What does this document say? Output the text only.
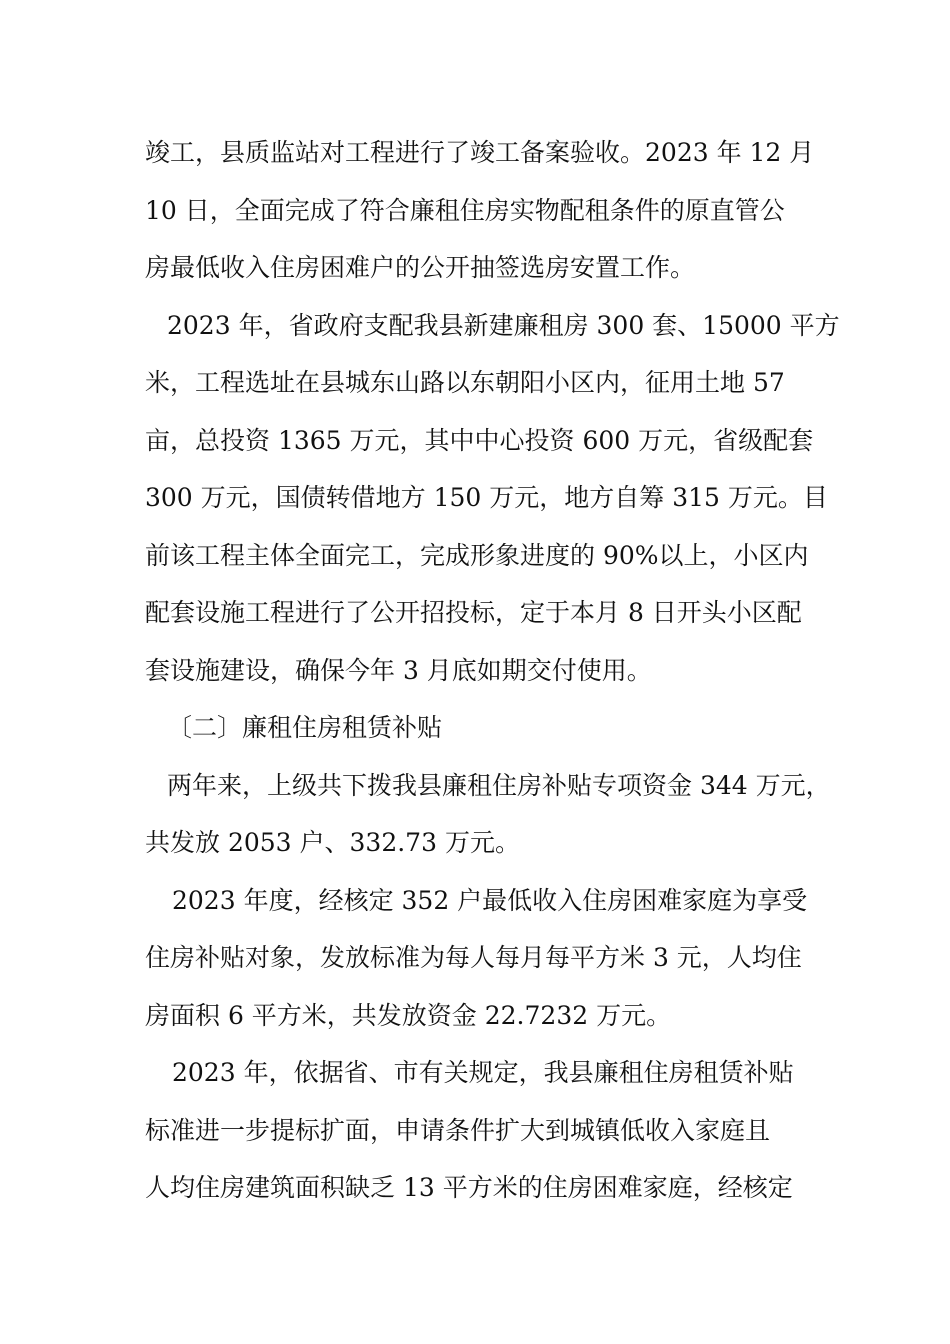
竣工，县质监站对工程进行了竣工备案验收。2023 年 12 月
10 日，全面完成了符合廉租住房实物配租条件的原直管公
房最低收入住房困难户的公开抽签选房安置工作。
2023 年，省政府支配我县新建廉租房 300 套、15000 平方
米，工程选址在县城东山路以东朝阳小区内，征用土地 57
亩，总投资 1365 万元，其中中心投资 600 万元，省级配套
300 万元，国债转借地方 150 万元，地方自筹 315 万元。目
前该工程主体全面完工，完成形象进度的 90%以上，小区内
配套设施工程进行了公开招投标，定于本月 8 日开头小区配
套设施建设，确保今年 3 月底如期交付使用。
〔二〕廉租住房租赁补贴
两年来，上级共下拨我县廉租住房补贴专项资金 344 万元，
共发放 2053 户、332.73 万元。
2023 年度，经核定 352 户最低收入住房困难家庭为享受
住房补贴对象，发放标准为每人每月每平方米 3 元，人均住
房面积 6 平方米，共发放资金 22.7232 万元。
2023 年，依据省、市有关规定，我县廉租住房租赁补贴
标准进一步提标扩面，申请条件扩大到城镇低收入家庭且
人均住房建筑面积缺乏 13 平方米的住房困难家庭，经核定
